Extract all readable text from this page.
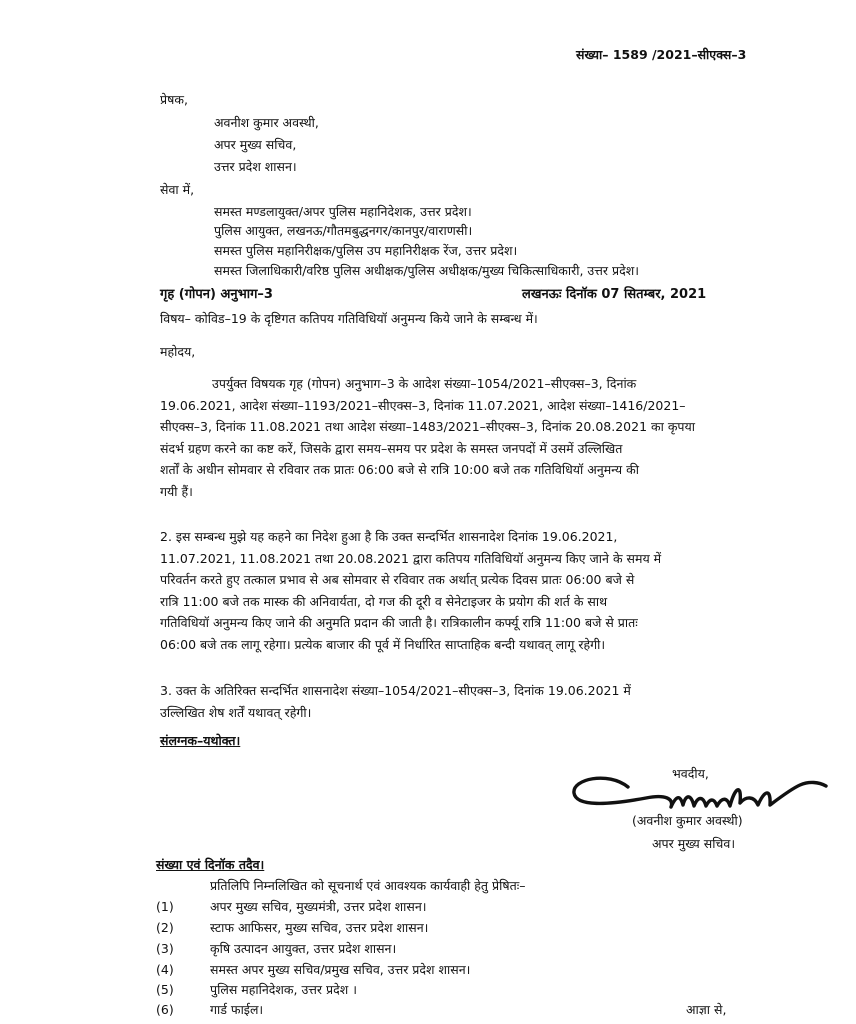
संख्या– 1589 /2021–सीएक्स–3
प्रेषक,
अवनीश कुमार अवस्थी,
अपर मुख्य सचिव,
उत्तर प्रदेश शासन।
सेवा में,
समस्त मण्डलायुक्त/अपर पुलिस महानिदेशक, उत्तर प्रदेश।
पुलिस आयुक्त, लखनऊ/गौतमबुद्धनगर/कानपुर/वाराणसी।
समस्त पुलिस महानिरीक्षक/पुलिस उप महानिरीक्षक रेंज, उत्तर प्रदेश।
समस्त जिलाधिकारी/वरिष्ठ पुलिस अधीक्षक/पुलिस अधीक्षक/मुख्य चिकित्साधिकारी, उत्तर प्रदेश।
गृह (गोपन) अनुभाग–3	लखनऊः दिनॉक 07 सितम्बर, 2021
विषय– कोविड–19 के दृष्टिगत कतिपय गतिविधियॉ अनुमन्य किये जाने के सम्बन्ध में।
महोदय,
उपर्युक्त विषयक गृह (गोपन) अनुभाग–3 के आदेश संख्या–1054/2021–सीएक्स–3, दिनांक
19.06.2021, आदेश संख्या–1193/2021–सीएक्स–3, दिनांक 11.07.2021, आदेश संख्या–1416/2021–
सीएक्स–3, दिनांक 11.08.2021 तथा आदेश संख्या–1483/2021–सीएक्स–3, दिनांक 20.08.2021 का कृपया
संदर्भ ग्रहण करने का कष्ट करें, जिसके द्वारा समय–समय पर प्रदेश के समस्त जनपदों में उसमें उल्लिखित
शर्तों के अधीन सोमवार से रविवार तक प्रातः 06:00 बजे से रात्रि 10:00 बजे तक गतिविधियॉ अनुमन्य की
गयी हैं।
2. इस सम्बन्ध मुझे यह कहने का निदेश हुआ है कि उक्त सन्दर्भित शासनादेश दिनांक 19.06.2021,
11.07.2021, 11.08.2021 तथा 20.08.2021 द्वारा कतिपय गतिविधियॉ अनुमन्य किए जाने के समय में
परिवर्तन करते हुए तत्काल प्रभाव से अब सोमवार से रविवार तक अर्थात् प्रत्येक दिवस प्रातः 06:00 बजे से
रात्रि 11:00 बजे तक मास्क की अनिवार्यता, दो गज की दूरी व सेनेटाइजर के प्रयोग की शर्त के साथ
गतिविधियॉ अनुमन्य किए जाने की अनुमति प्रदान की जाती है। रात्रिकालीन कर्फ्यू रात्रि 11:00 बजे से प्रातः
06:00 बजे तक लागू रहेगा। प्रत्येक बाजार की पूर्व में निर्धारित साप्ताहिक बन्दी यथावत् लागू रहेगी।
3. उक्त के अतिरिक्त सन्दर्भित शासनादेश संख्या–1054/2021–सीएक्स–3, दिनांक 19.06.2021 में
उल्लिखित शेष शर्तें यथावत् रहेगी।
संलग्नक–यथोक्त।
भवदीय,
(अवनीश कुमार अवस्थी)
अपर मुख्य सचिव।
संख्या एवं दिनॉक तदैव।
प्रतिलिपि निम्नलिखित को सूचनार्थ एवं आवश्यक कार्यवाही हेतु प्रेषितः–
(1)	अपर मुख्य सचिव, मुख्यमंत्री, उत्तर प्रदेश शासन।
(2)	स्टाफ आफिसर, मुख्य सचिव, उत्तर प्रदेश शासन।
(3)	कृषि उत्पादन आयुक्त, उत्तर प्रदेश शासन।
(4)	समस्त अपर मुख्य सचिव/प्रमुख सचिव, उत्तर प्रदेश शासन।
(5)	पुलिस महानिदेशक, उत्तर प्रदेश ।
(6)	गार्ड फाईल।	आज्ञा से,
